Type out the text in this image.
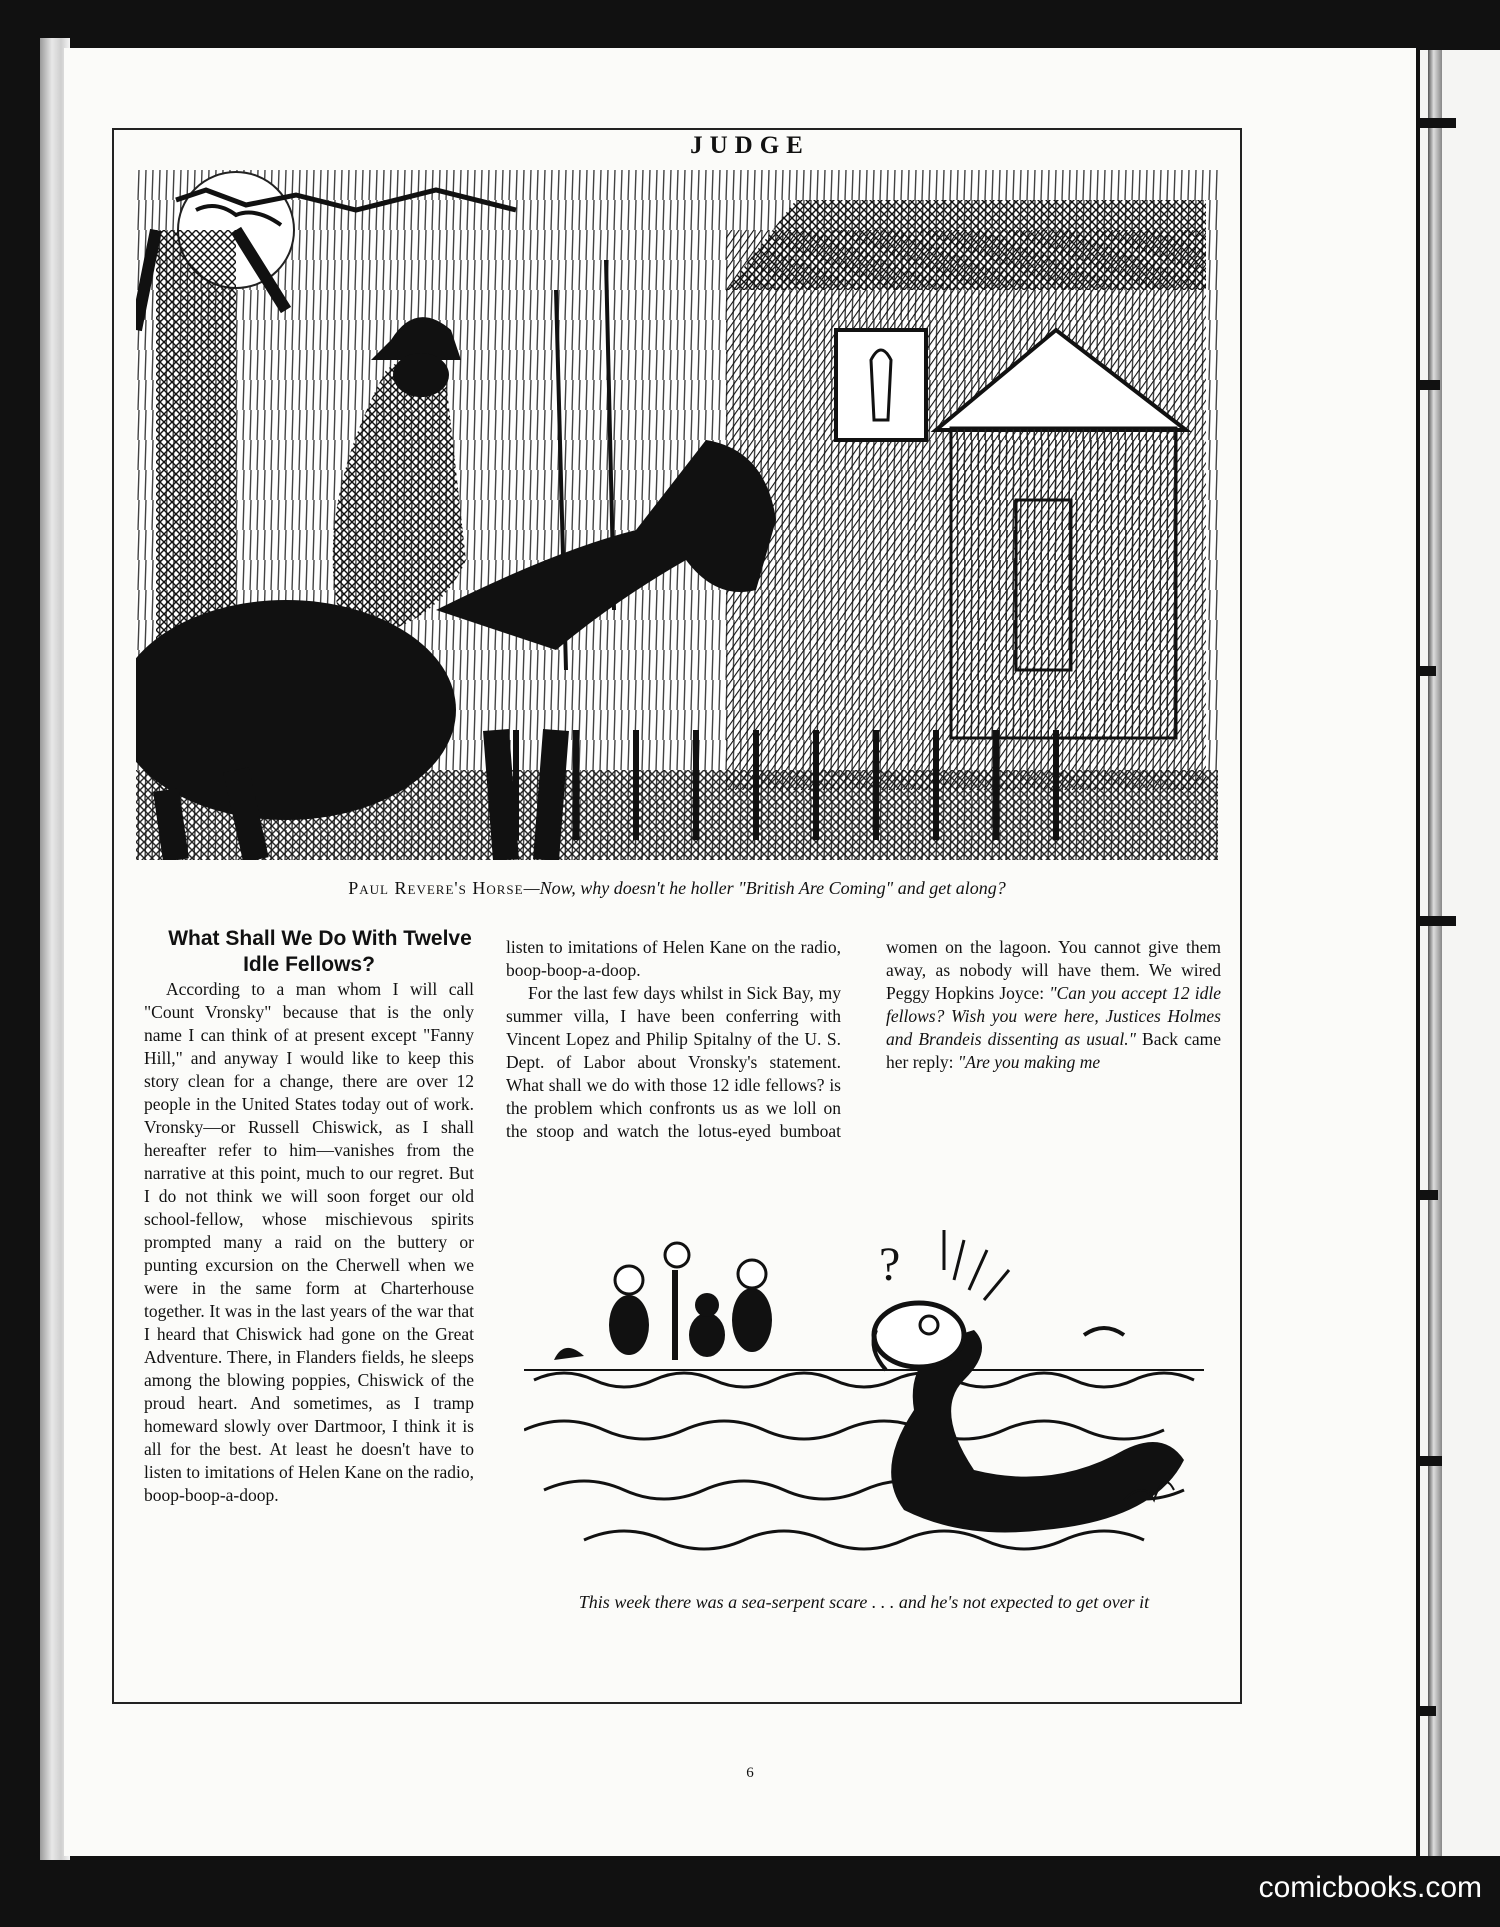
JUDGE
Paul Revere's Horse—Now, why doesn't he holler "British Are Coming" and get along?

What Shall We Do With Twelve Idle Fellows?

According to a man whom I will call "Count Vronsky" because that is the only name I can think of at present except "Fanny Hill," and anyway I would like to keep this story clean for a change, there are over 12 people in the United States today out of work. Vronsky—or Russell Chiswick, as I shall hereafter refer to him—vanishes from the narrative at this point, much to our regret. But I do not think we will soon forget our old school-fellow, whose mischievous spirits prompted many a raid on the buttery or punting excursion on the Cherwell when we were in the same form at Charterhouse together. It was in the last years of the war that I heard that Chiswick had gone on the Great Adventure. There, in Flanders fields, he sleeps among the blowing poppies, Chiswick of the proud heart. And sometimes, as I tramp homeward slowly over Dartmoor, I think it is all for the best. At least he doesn't have to listen to imitations of Helen Kane on the radio, boop-boop-a-doop.

listen to imitations of Helen Kane on the radio, boop-boop-a-doop.

For the last few days whilst in Sick Bay, my summer villa, I have been conferring with Vincent Lopez and Philip Spitalny of the U. S. Dept. of Labor about Vronsky's statement. What shall we do with those 12 idle fellows? is the problem which confronts us as we loll on the stoop and watch the lotus-eyed bumboat women on the lagoon. You cannot give them away, as nobody will have them. We wired Peggy Hopkins Joyce: "Can you accept 12 idle fellows? Wish you were here, Justices Holmes and Brandeis dissenting as usual." Back came her reply: "Are you making me

?
This week there was a sea-serpent scare . . . and he's not expected to get over it
6
comicbooks.com
